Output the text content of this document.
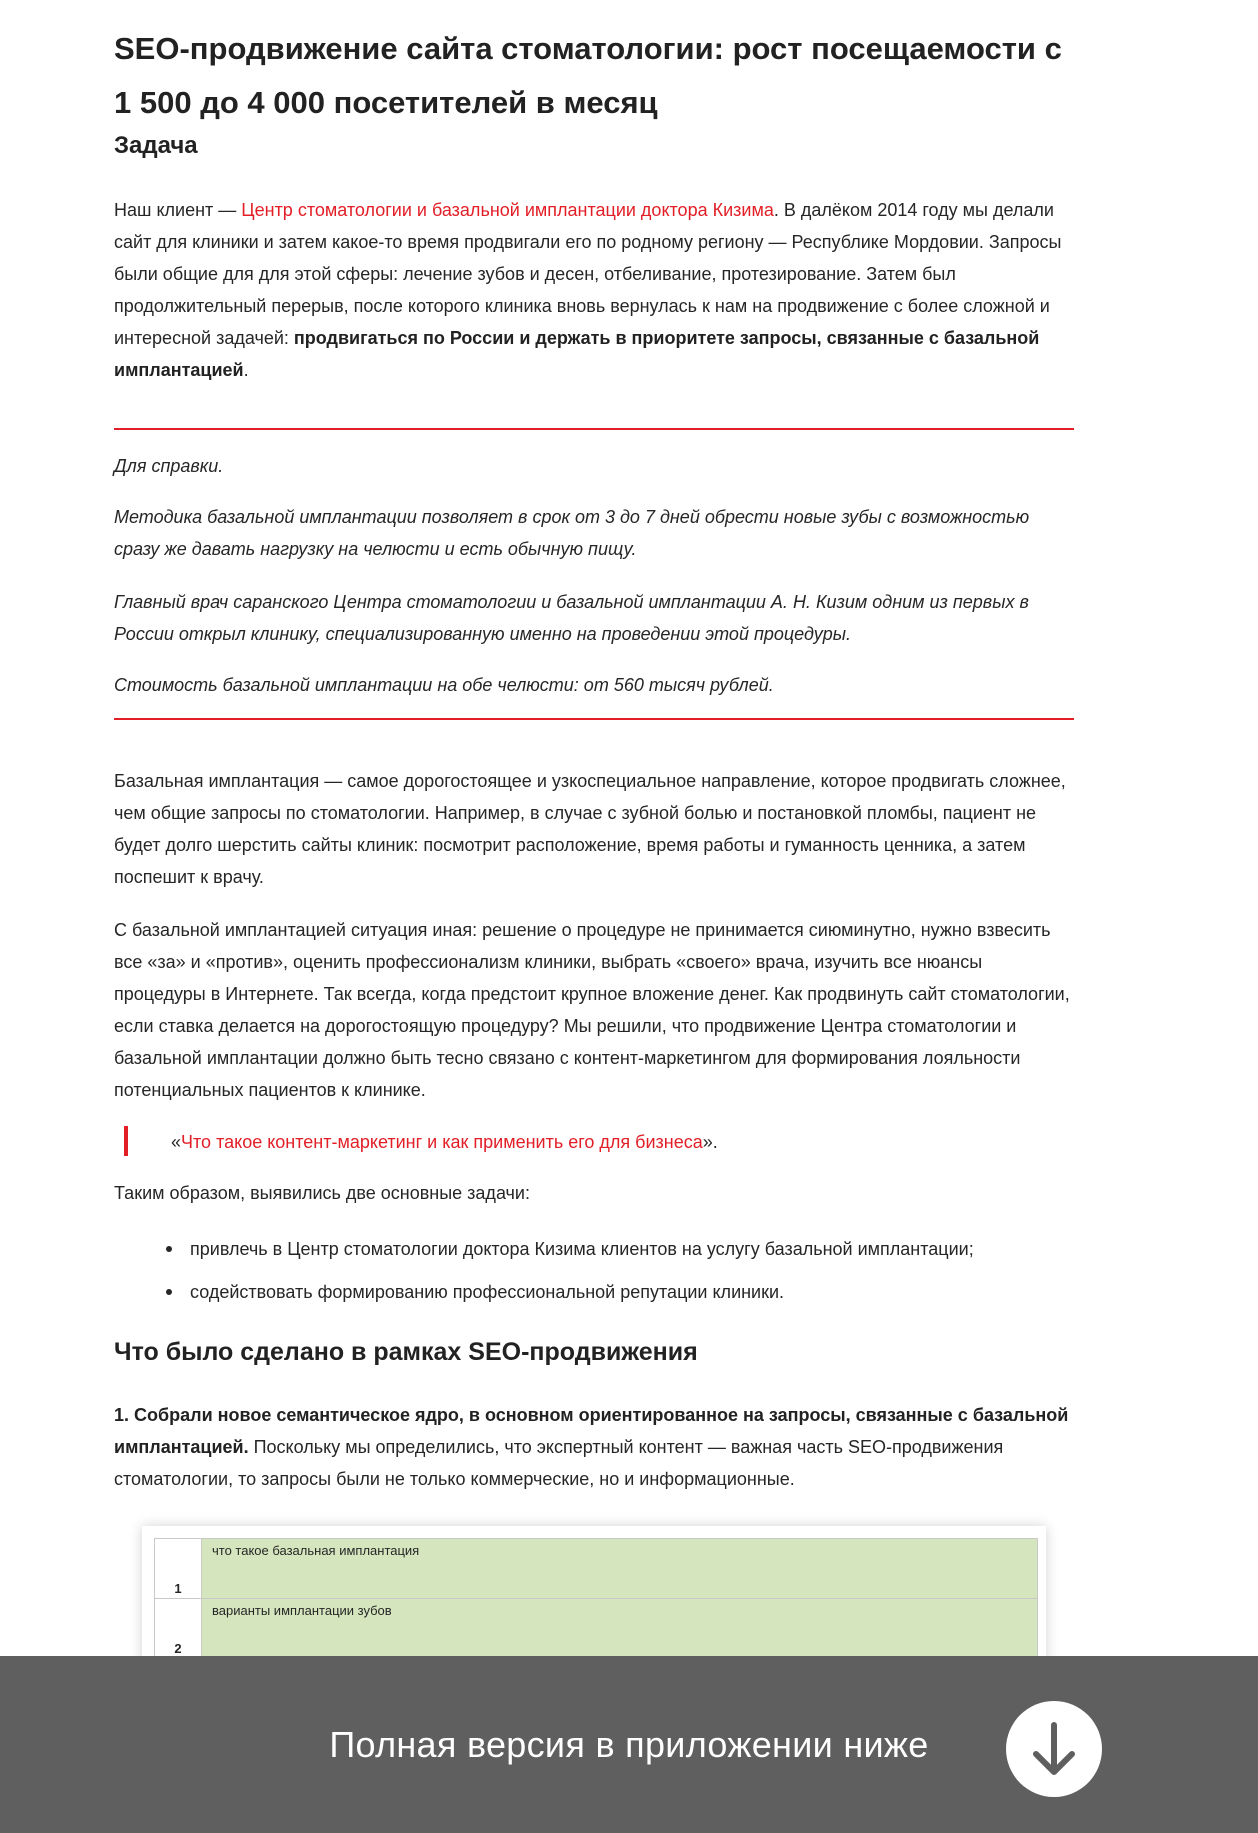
SEO-продвижение сайта стоматологии: рост посещаемости с 1 500 до 4 000 посетителей в месяц
Задача

Наш клиент — Центр стоматологии и базальной имплантации доктора Кизима. В далёком 2014 году мы делали сайт для клиники и затем какое-то время продвигали его по родному региону — Республике Мордовии. Запросы были общие для для этой сферы: лечение зубов и десен, отбеливание, протезирование. Затем был продолжительный перерыв, после которого клиника вновь вернулась к нам на продвижение с более сложной и интересной задачей: продвигаться по России и держать в приоритете запросы, связанные с базальной имплантацией.

Для справки.

Методика базальной имплантации позволяет в срок от 3 до 7 дней обрести новые зубы с возможностью сразу же давать нагрузку на челюсти и есть обычную пищу.

Главный врач саранского Центра стоматологии и базальной имплантации А. Н. Кизим одним из первых в России открыл клинику, специализированную именно на проведении этой процедуры.

Стоимость базальной имплантации на обе челюсти: от 560 тысяч рублей.

Базальная имплантация — самое дорогостоящее и узкоспециальное направление, которое продвигать сложнее, чем общие запросы по стоматологии. Например, в случае с зубной болью и постановкой пломбы, пациент не будет долго шерстить сайты клиник: посмотрит расположение, время работы и гуманность ценника, а затем поспешит к врачу.

С базальной имплантацией ситуация иная: решение о процедуре не принимается сиюминутно, нужно взвесить все «за» и «против», оценить профессионализм клиники, выбрать «своего» врача, изучить все нюансы процедуры в Интернете. Так всегда, когда предстоит крупное вложение денег. Как продвинуть сайт стоматологии, если ставка делается на дорогостоящую процедуру? Мы решили, что продвижение Центра стоматологии и базальной имплантации должно быть тесно связано с контент-маркетингом для формирования лояльности потенциальных пациентов к клинике.

«Что такое контент-маркетинг и как применить его для бизнеса».

Таким образом, выявились две основные задачи:

привлечь в Центр стоматологии доктора Кизима клиентов на услугу базальной имплантации;
содействовать формированию профессиональной репутации клиники.
Что было сделано в рамках SEO-продвижения

1. Собрали новое семантическое ядро, в основном ориентированное на запросы, связанные с базальной имплантацией. Поскольку мы определились, что экспертный контент — важная часть SEO-продвижения стоматологии, то запросы были не только коммерческие, но и информационные.

1	что такое базальная имплантация
2	варианты имплантации зубов
Полная версия в приложении ниже
